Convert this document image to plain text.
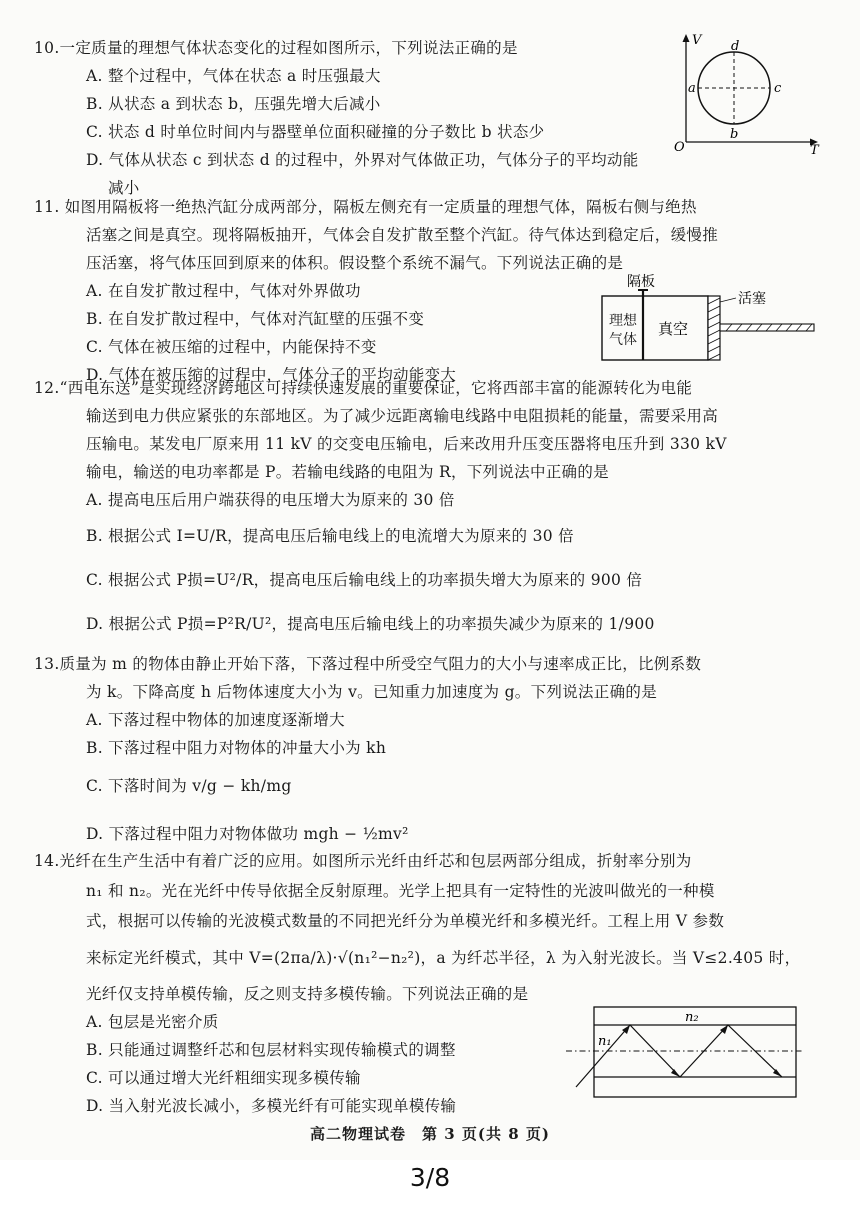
10.一定质量的理想气体状态变化的过程如图所示，下列说法正确的是
A. 整个过程中，气体在状态 a 时压强最大
B. 从状态 a 到状态 b，压强先增大后减小
C. 状态 d 时单位时间内与器壁单位面积碰撞的分子数比 b 状态少
D. 气体从状态 c 到状态 d 的过程中，外界对气体做正功，气体分子的平均动能
减小
V
T
O
a
b
c
d
11. 如图用隔板将一绝热汽缸分成两部分，隔板左侧充有一定质量的理想气体，隔板右侧与绝热
活塞之间是真空。现将隔板抽开，气体会自发扩散至整个汽缸。待气体达到稳定后，缓慢推
压活塞，将气体压回到原来的体积。假设整个系统不漏气。下列说法正确的是
A. 在自发扩散过程中，气体对外界做功
B. 在自发扩散过程中，气体对汽缸壁的压强不变
C. 气体在被压缩的过程中，内能保持不变
D. 气体在被压缩的过程中，气体分子的平均动能变大
隔板
活塞
理想气体
真空
12.“西电东送”是实现经济跨地区可持续快速发展的重要保证，它将西部丰富的能源转化为电能
输送到电力供应紧张的东部地区。为了减少远距离输电线路中电阻损耗的能量，需要采用高
压输电。某发电厂原来用 11 kV 的交变电压输电，后来改用升压变压器将电压升到 330 kV
输电，输送的电功率都是 P。若输电线路的电阻为 R，下列说法中正确的是
A. 提高电压后用户端获得的电压增大为原来的 30 倍
B. 根据公式 I=U/R，提高电压后输电线上的电流增大为原来的 30 倍
C. 根据公式 P损=U²/R，提高电压后输电线上的功率损失增大为原来的 900 倍
D. 根据公式 P损=P²R/U²，提高电压后输电线上的功率损失减少为原来的 1/900
13.质量为 m 的物体由静止开始下落，下落过程中所受空气阻力的大小与速率成正比，比例系数
为 k。下降高度 h 后物体速度大小为 v。已知重力加速度为 g。下列说法正确的是
A. 下落过程中物体的加速度逐渐增大
B. 下落过程中阻力对物体的冲量大小为 kh
C. 下落时间为 v/g − kh/mg
D. 下落过程中阻力对物体做功 mgh − ½mv²
14.光纤在生产生活中有着广泛的应用。如图所示光纤由纤芯和包层两部分组成，折射率分别为
n₁ 和 n₂。光在光纤中传导依据全反射原理。光学上把具有一定特性的光波叫做光的一种模
式，根据可以传输的光波模式数量的不同把光纤分为单模光纤和多模光纤。工程上用 V 参数
来标定光纤模式，其中 V=(2πa/λ)·√(n₁²−n₂²)，a 为纤芯半径，λ 为入射光波长。当 V≤2.405 时，
光纤仅支持单模传输，反之则支持多模传输。下列说法正确的是
A. 包层是光密介质
B. 只能通过调整纤芯和包层材料实现传输模式的调整
C. 可以通过增大光纤粗细实现多模传输
D. 当入射光波长减小，多模光纤有可能实现单模传输
n₁
n₂
高二物理试卷　第 3 页(共 8 页)
3/8
